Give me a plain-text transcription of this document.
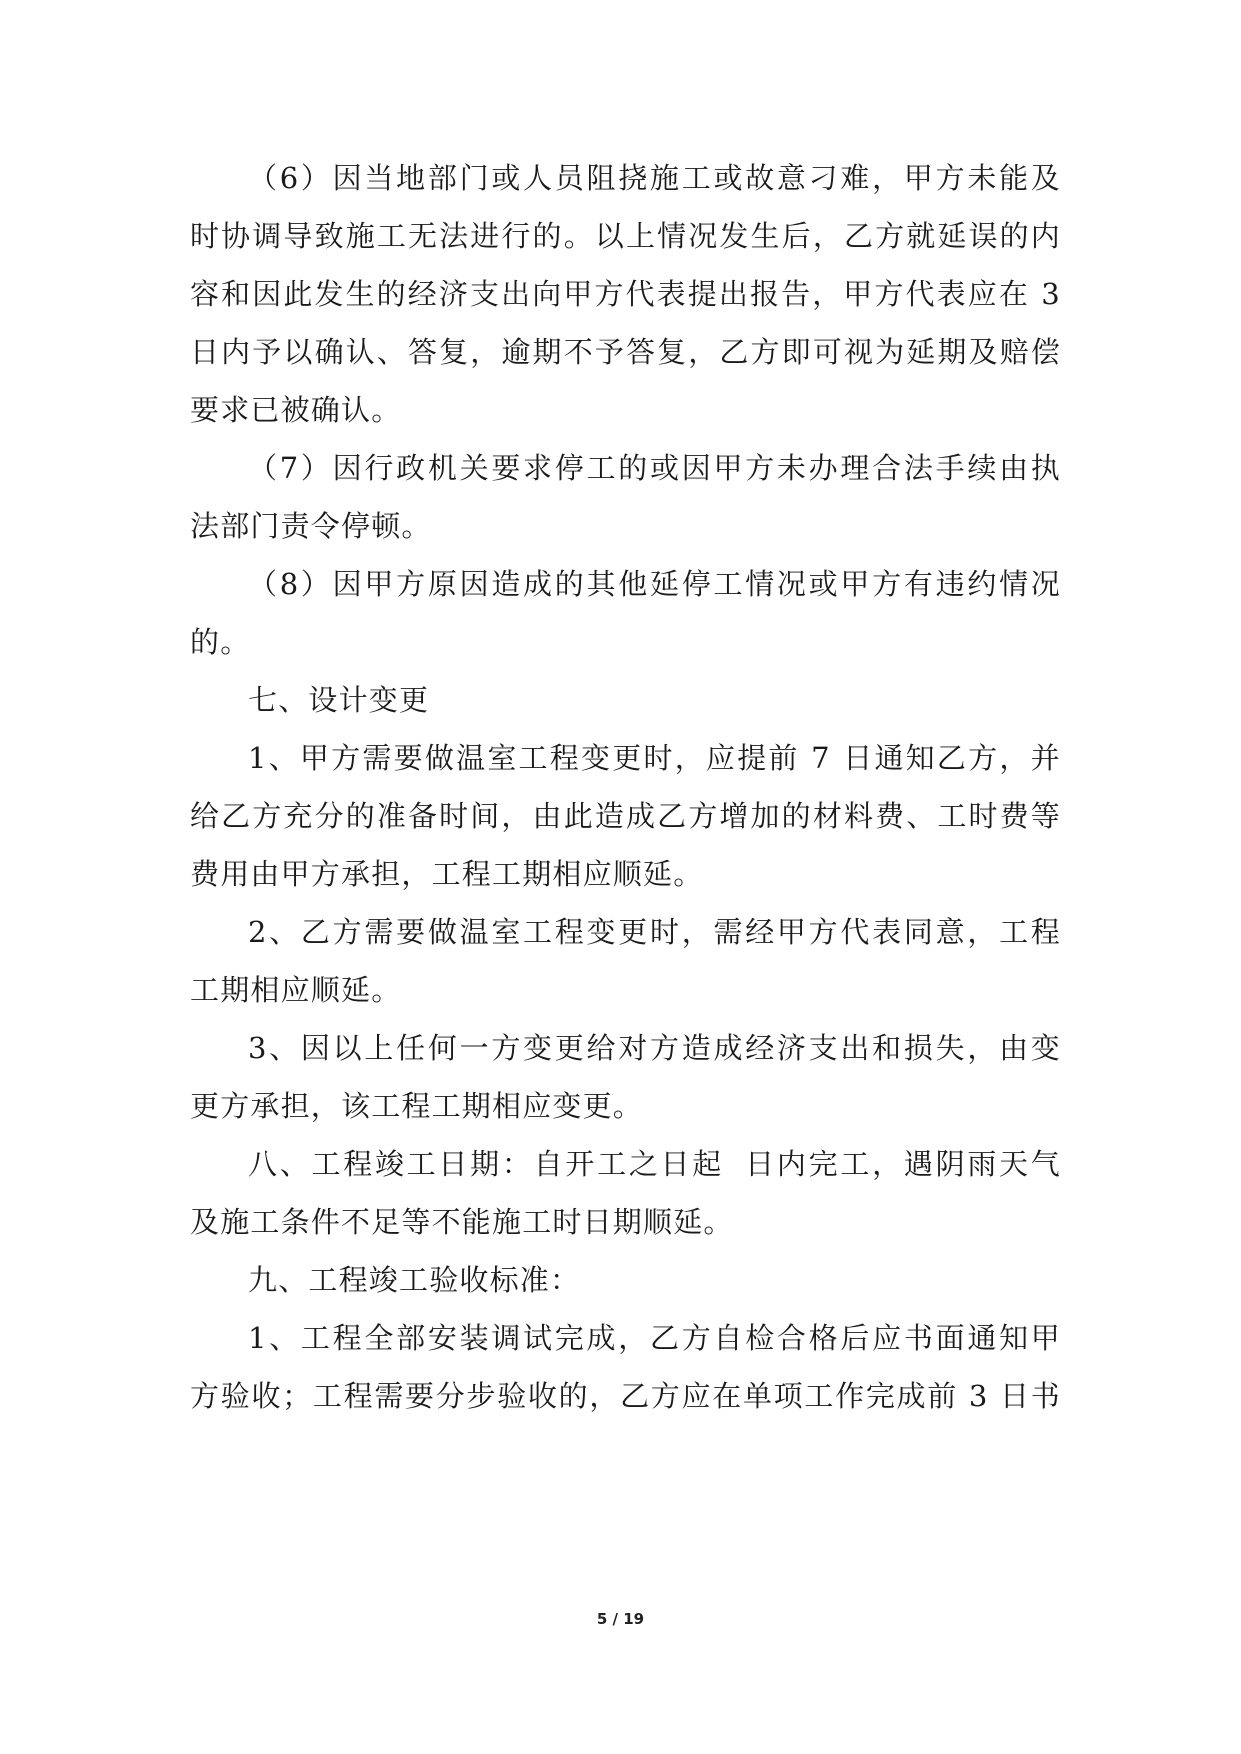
（ 6 ） 因 当 地 部 门 或 人 员 阻 挠 施 工 或 故 意 刁 难 ， 甲 方 未 能 及
时 协 调 导 致 施 工 无 法 进 行 的 。 以 上 情 况 发 生 后 ， 乙 方 就 延 误 的 内
容 和 因 此 发 生 的 经 济 支 出 向 甲 方 代 表 提 出 报 告 ， 甲 方 代 表 应 在
3
日 内 予 以 确 认 、 答 复 ， 逾 期 不 予 答 复 ， 乙 方 即 可 视 为 延 期 及 赔 偿
要求已被确认。
（ 7 ） 因 行 政 机 关 要 求 停 工 的 或 因 甲 方 未 办 理 合 法 手 续 由 执
法部门责令停顿。
（ 8 ） 因 甲 方 原 因 造 成 的 其 他 延 停 工 情 况 或 甲 方 有 违 约 情 况
的。
七、设计变更
1 、 甲 方 需 要 做 温 室 工 程 变 更 时 ， 应 提 前
7
日 通 知 乙 方 ， 并
给 乙 方 充 分 的 准 备 时 间 ， 由 此 造 成 乙 方 增 加 的 材 料 费 、 工 时 费 等
费用由甲方承担，工程工期相应顺延。
2 、 乙 方 需 要 做 温 室 工 程 变 更 时 ， 需 经 甲 方 代 表 同 意 ， 工 程
工期相应顺延。
3 、 因 以 上 任 何 一 方 变 更 给 对 方 造 成 经 济 支 出 和 损 失 ， 由 变
更方承担，该工程工期相应变更。
八 、 工 程 竣 工 日 期 ： 自 开 工 之 日 起
日 内 完 工 ， 遇 阴 雨 天 气
及施工条件不足等不能施工时日期顺延。
九、工程竣工验收标准：
1 、 工 程 全 部 安 装 调 试 完 成 ， 乙 方 自 检 合 格 后 应 书 面 通 知 甲
方 验 收 ； 工 程 需 要 分 步 验 收 的 ， 乙 方 应 在 单 项 工 作 完 成 前
3
日 书
5 / 19
